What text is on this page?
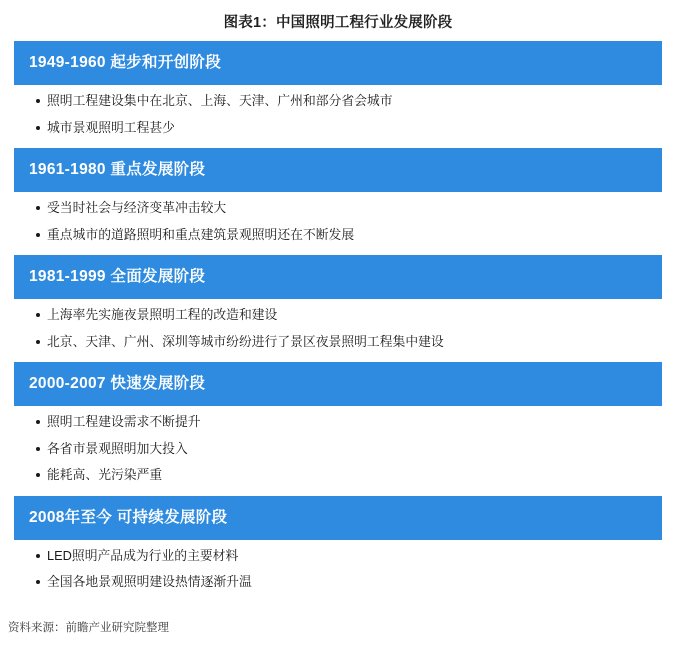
图表1：中国照明工程行业发展阶段
1949-1960 起步和开创阶段

照明工程建设集中在北京、上海、天津、广州和部分省会城市

城市景观照明工程甚少

1961-1980 重点发展阶段

受当时社会与经济变革冲击较大

重点城市的道路照明和重点建筑景观照明还在不断发展

1981-1999 全面发展阶段

上海率先实施夜景照明工程的改造和建设

北京、天津、广州、深圳等城市纷纷进行了景区夜景照明工程集中建设

2000-2007 快速发展阶段

照明工程建设需求不断提升

各省市景观照明加大投入

能耗高、光污染严重

2008年至今 可持续发展阶段

LED照明产品成为行业的主要材料

全国各地景观照明建设热情逐渐升温

资料来源：前瞻产业研究院整理
